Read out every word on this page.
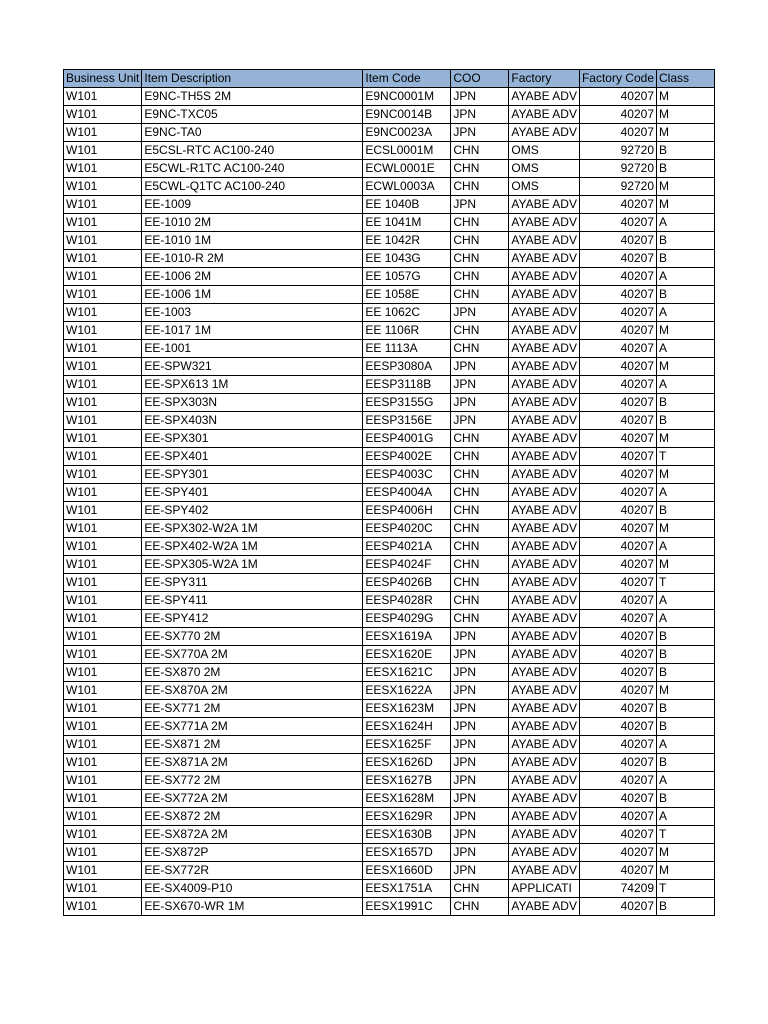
Business Unit	Item Description	Item Code	COO	Factory	Factory Code	Class
W101	E9NC-TH5S 2M	E9NC0001M	JPN	AYABE ADV	40207	M
W101	E9NC-TXC05	E9NC0014B	JPN	AYABE ADV	40207	M
W101	E9NC-TA0	E9NC0023A	JPN	AYABE ADV	40207	M
W101	E5CSL-RTC AC100-240	ECSL0001M	CHN	OMS	92720	B
W101	E5CWL-R1TC AC100-240	ECWL0001E	CHN	OMS	92720	B
W101	E5CWL-Q1TC AC100-240	ECWL0003A	CHN	OMS	92720	M
W101	EE-1009	EE 1040B	JPN	AYABE ADV	40207	M
W101	EE-1010 2M	EE 1041M	CHN	AYABE ADV	40207	A
W101	EE-1010 1M	EE 1042R	CHN	AYABE ADV	40207	B
W101	EE-1010-R 2M	EE 1043G	CHN	AYABE ADV	40207	B
W101	EE-1006 2M	EE 1057G	CHN	AYABE ADV	40207	A
W101	EE-1006 1M	EE 1058E	CHN	AYABE ADV	40207	B
W101	EE-1003	EE 1062C	JPN	AYABE ADV	40207	A
W101	EE-1017 1M	EE 1106R	CHN	AYABE ADV	40207	M
W101	EE-1001	EE 1113A	CHN	AYABE ADV	40207	A
W101	EE-SPW321	EESP3080A	JPN	AYABE ADV	40207	M
W101	EE-SPX613 1M	EESP3118B	JPN	AYABE ADV	40207	A
W101	EE-SPX303N	EESP3155G	JPN	AYABE ADV	40207	B
W101	EE-SPX403N	EESP3156E	JPN	AYABE ADV	40207	B
W101	EE-SPX301	EESP4001G	CHN	AYABE ADV	40207	M
W101	EE-SPX401	EESP4002E	CHN	AYABE ADV	40207	T
W101	EE-SPY301	EESP4003C	CHN	AYABE ADV	40207	M
W101	EE-SPY401	EESP4004A	CHN	AYABE ADV	40207	A
W101	EE-SPY402	EESP4006H	CHN	AYABE ADV	40207	B
W101	EE-SPX302-W2A 1M	EESP4020C	CHN	AYABE ADV	40207	M
W101	EE-SPX402-W2A 1M	EESP4021A	CHN	AYABE ADV	40207	A
W101	EE-SPX305-W2A 1M	EESP4024F	CHN	AYABE ADV	40207	M
W101	EE-SPY311	EESP4026B	CHN	AYABE ADV	40207	T
W101	EE-SPY411	EESP4028R	CHN	AYABE ADV	40207	A
W101	EE-SPY412	EESP4029G	CHN	AYABE ADV	40207	A
W101	EE-SX770 2M	EESX1619A	JPN	AYABE ADV	40207	B
W101	EE-SX770A 2M	EESX1620E	JPN	AYABE ADV	40207	B
W101	EE-SX870 2M	EESX1621C	JPN	AYABE ADV	40207	B
W101	EE-SX870A 2M	EESX1622A	JPN	AYABE ADV	40207	M
W101	EE-SX771 2M	EESX1623M	JPN	AYABE ADV	40207	B
W101	EE-SX771A 2M	EESX1624H	JPN	AYABE ADV	40207	B
W101	EE-SX871 2M	EESX1625F	JPN	AYABE ADV	40207	A
W101	EE-SX871A 2M	EESX1626D	JPN	AYABE ADV	40207	B
W101	EE-SX772 2M	EESX1627B	JPN	AYABE ADV	40207	A
W101	EE-SX772A 2M	EESX1628M	JPN	AYABE ADV	40207	B
W101	EE-SX872 2M	EESX1629R	JPN	AYABE ADV	40207	A
W101	EE-SX872A 2M	EESX1630B	JPN	AYABE ADV	40207	T
W101	EE-SX872P	EESX1657D	JPN	AYABE ADV	40207	M
W101	EE-SX772R	EESX1660D	JPN	AYABE ADV	40207	M
W101	EE-SX4009-P10	EESX1751A	CHN	APPLICATI	74209	T
W101	EE-SX670-WR 1M	EESX1991C	CHN	AYABE ADV	40207	B
